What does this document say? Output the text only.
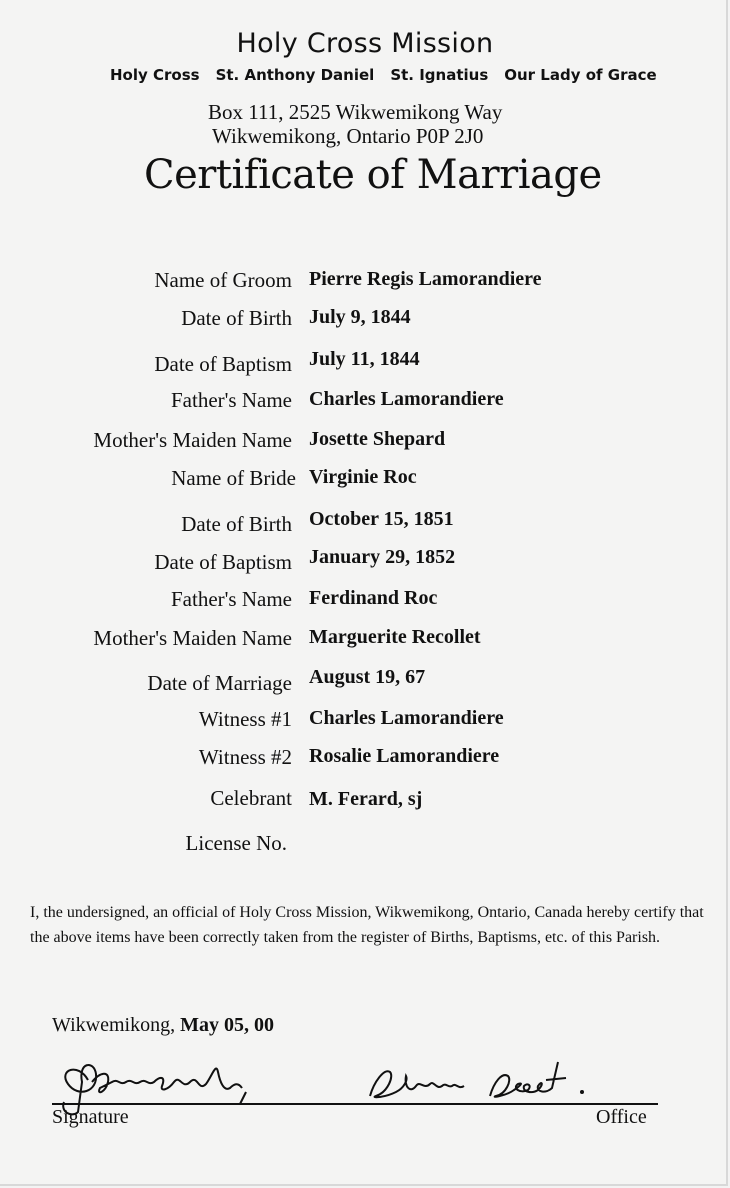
Holy Cross Mission
Holy Cross St. Anthony Daniel St. Ignatius Our Lady of Grace
Box 111, 2525 Wikwemikong Way
Wikwemikong, Ontario P0P 2J0
Certificate of Marriage
Name of Groom Pierre Regis Lamorandiere
Date of Birth July 9, 1844
Date of Baptism July 11, 1844
Father's Name Charles Lamorandiere
Mother's Maiden Name Josette Shepard
Name of Bride Virginie Roc
Date of Birth October 15, 1851
Date of Baptism January 29, 1852
Father's Name Ferdinand Roc
Mother's Maiden Name Marguerite Recollet
Date of Marriage August 19, 67
Witness #1 Charles Lamorandiere
Witness #2 Rosalie Lamorandiere
Celebrant M. Ferard, sj
License No.
I, the undersigned, an official of Holy Cross Mission, Wikwemikong, Ontario, Canada hereby certify that the above items have been correctly taken from the register of Births, Baptisms, etc. of this Parish.
Wikwemikong, May 05, 00
Signature	Office
